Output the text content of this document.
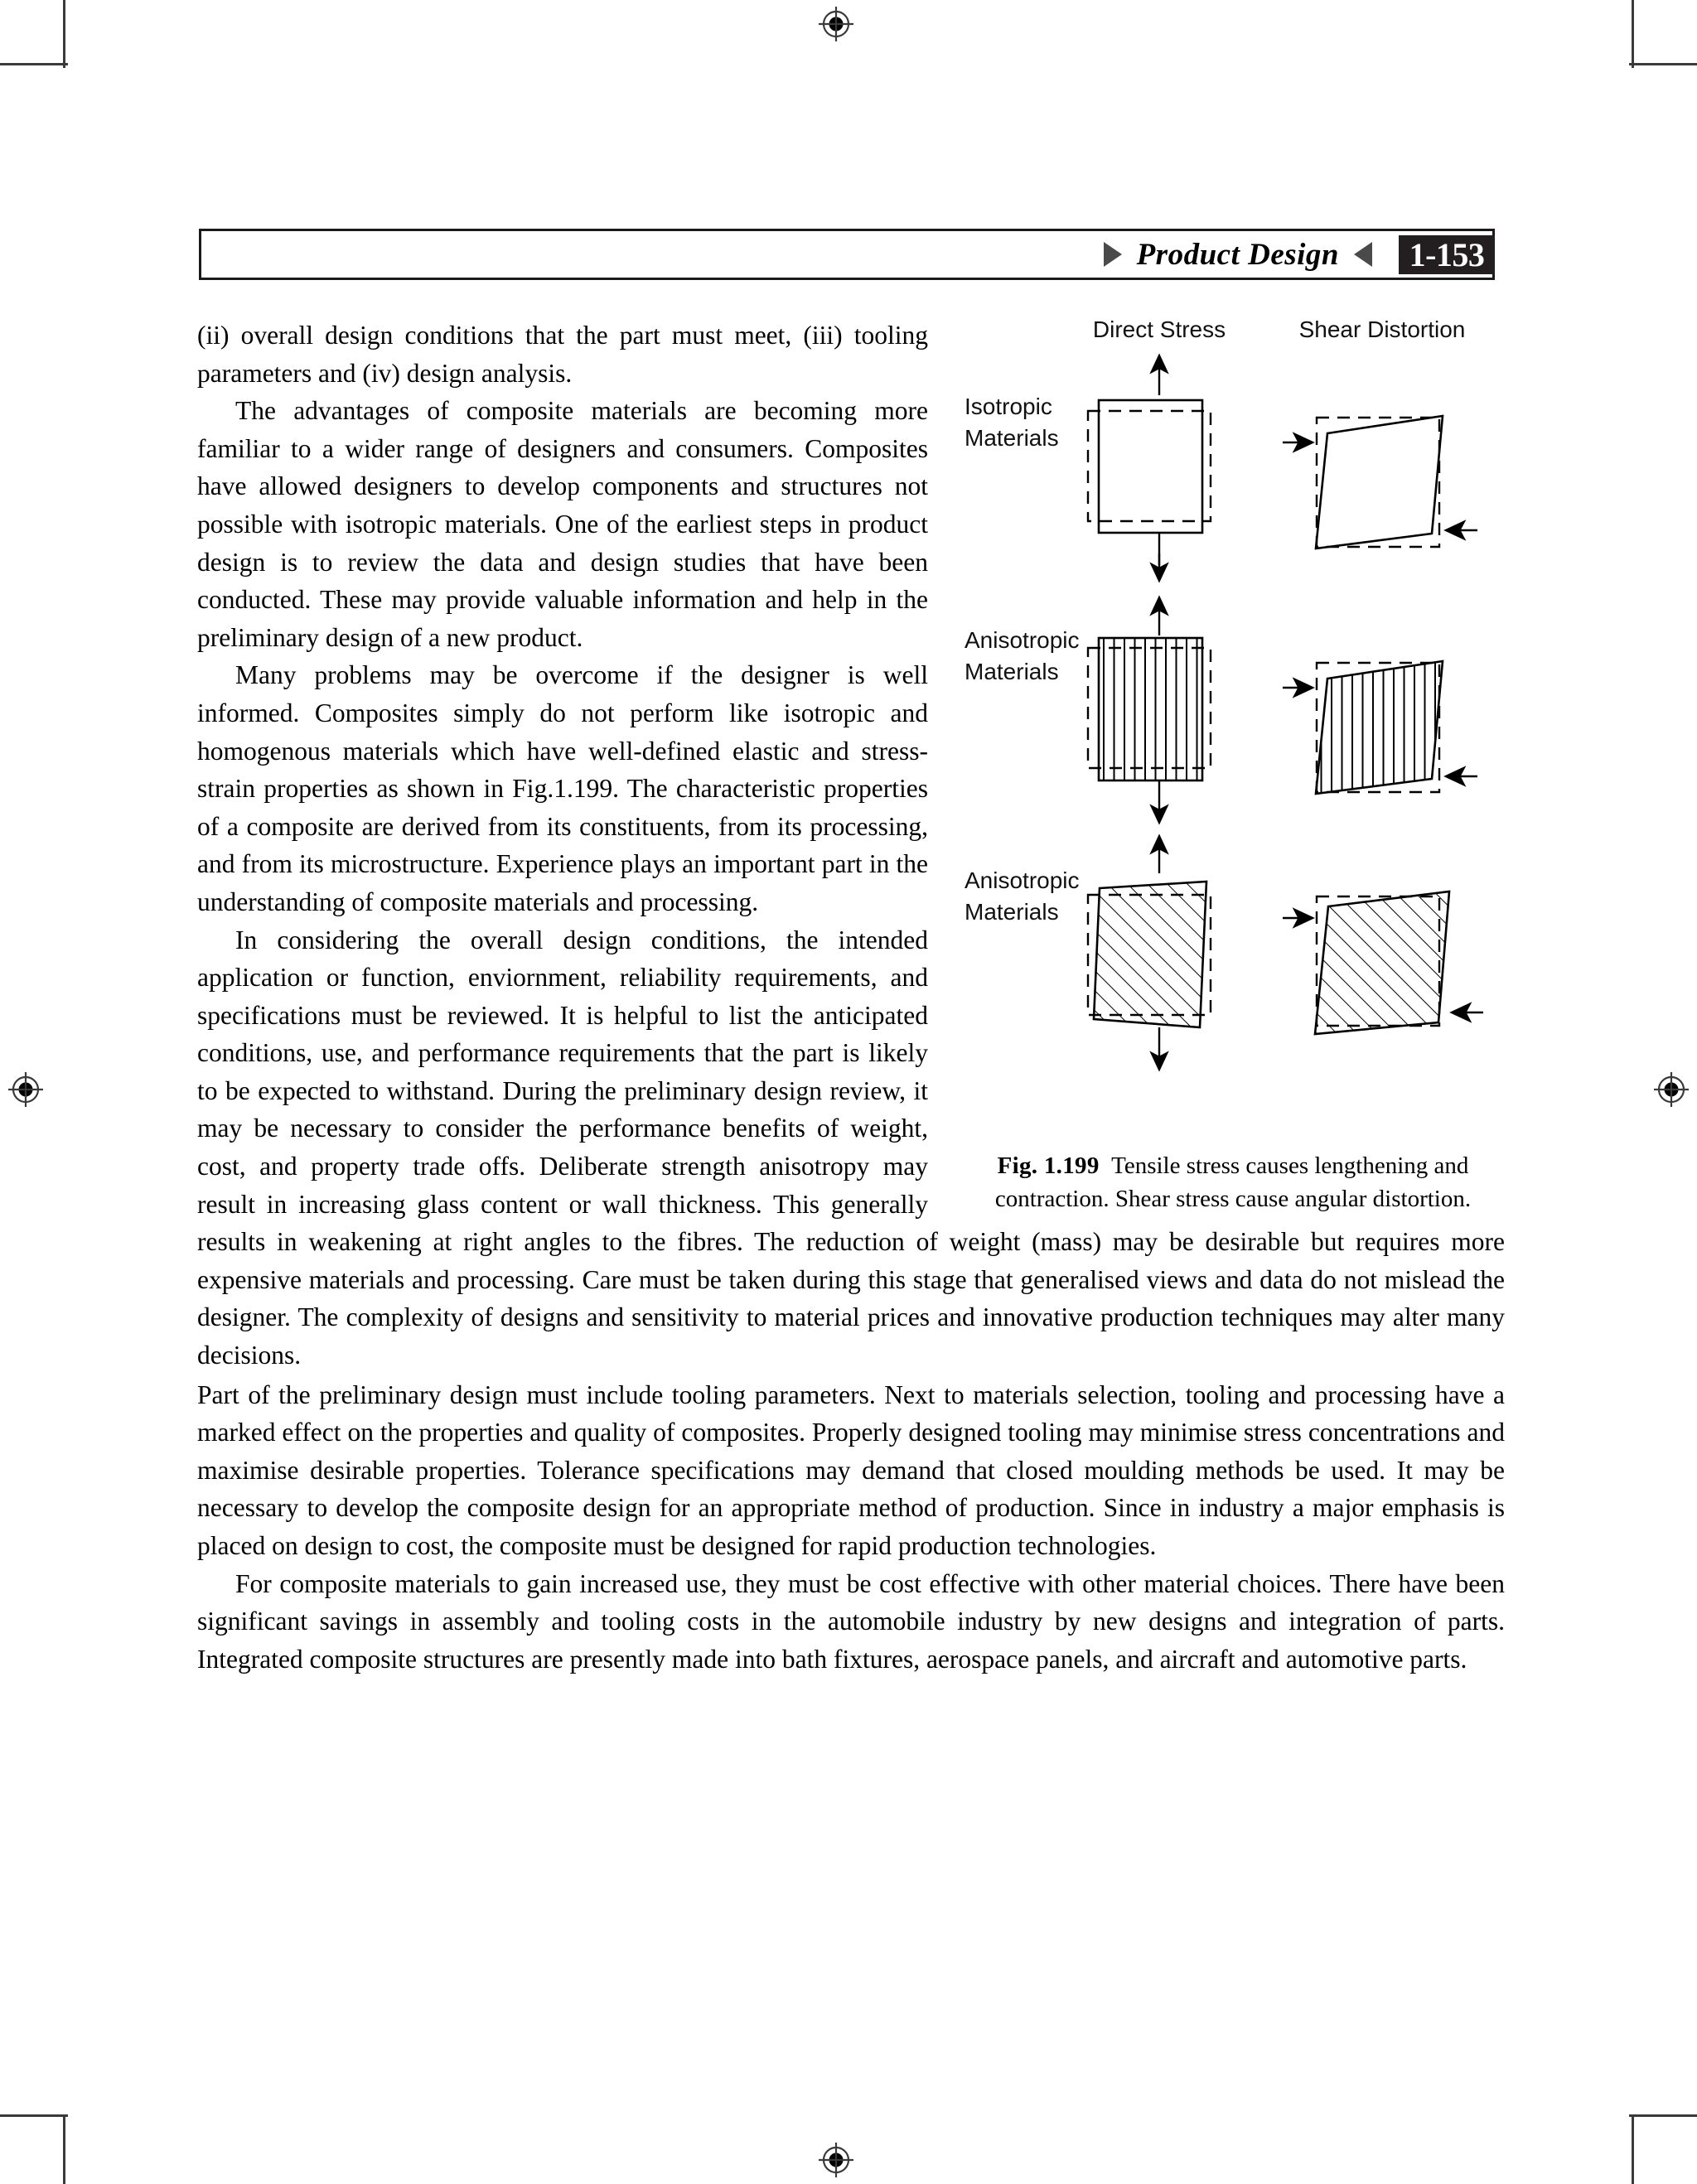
Product Design	1-153
Direct Stress	Shear Distortion
Isotropic
Materials
Anisotropic
Materials
Anisotropic
Materials
Fig. 1.199 Tensile stress causes lengthening and contraction. Shear stress cause angular distortion.

(ii) overall design conditions that the part must meet, (iii) tooling parameters and (iv) design analysis.

The advantages of composite materials are becoming more familiar to a wider range of designers and consumers. Composites have allowed designers to develop components and structures not possible with isotropic materials. One of the earliest steps in product design is to review the data and design studies that have been conducted. These may provide valuable information and help in the preliminary design of a new product.

Many problems may be overcome if the designer is well informed. Composites simply do not perform like isotropic and homogenous materials which have well-defined elastic and stress-strain properties as shown in Fig.1.199. The characteristic properties of a composite are derived from its constituents, from its processing, and from its microstructure. Experience plays an important part in the understanding of composite materials and processing.

In considering the overall design conditions, the intended application or function, enviornment, reliability requirements, and specifications must be reviewed. It is helpful to list the anticipated conditions, use, and performance requirements that the part is likely to be expected to withstand. During the preliminary design review, it may be necessary to consider the performance benefits of weight, cost, and property trade offs. Deliberate strength anisotropy may result in increasing glass content or wall thickness. This generally results in weakening at right angles to the fibres. The reduction of weight (mass) may be desirable but requires more expensive materials and processing. Care must be taken during this stage that generalised views and data do not mislead the designer. The complexity of designs and sensitivity to material prices and innovative production techniques may alter many decisions.

Part of the preliminary design must include tooling parameters. Next to materials selection, tooling and processing have a marked effect on the properties and quality of composites. Properly designed tooling may minimise stress concentrations and maximise desirable properties. Tolerance specifications may demand that closed moulding methods be used. It may be necessary to develop the composite design for an appropriate method of production. Since in industry a major emphasis is placed on design to cost, the composite must be designed for rapid production technologies.

For composite materials to gain increased use, they must be cost effective with other material choices. There have been significant savings in assembly and tooling costs in the automobile industry by new designs and integration of parts. Integrated composite structures are presently made into bath fixtures, aerospace panels, and aircraft and automotive parts.
